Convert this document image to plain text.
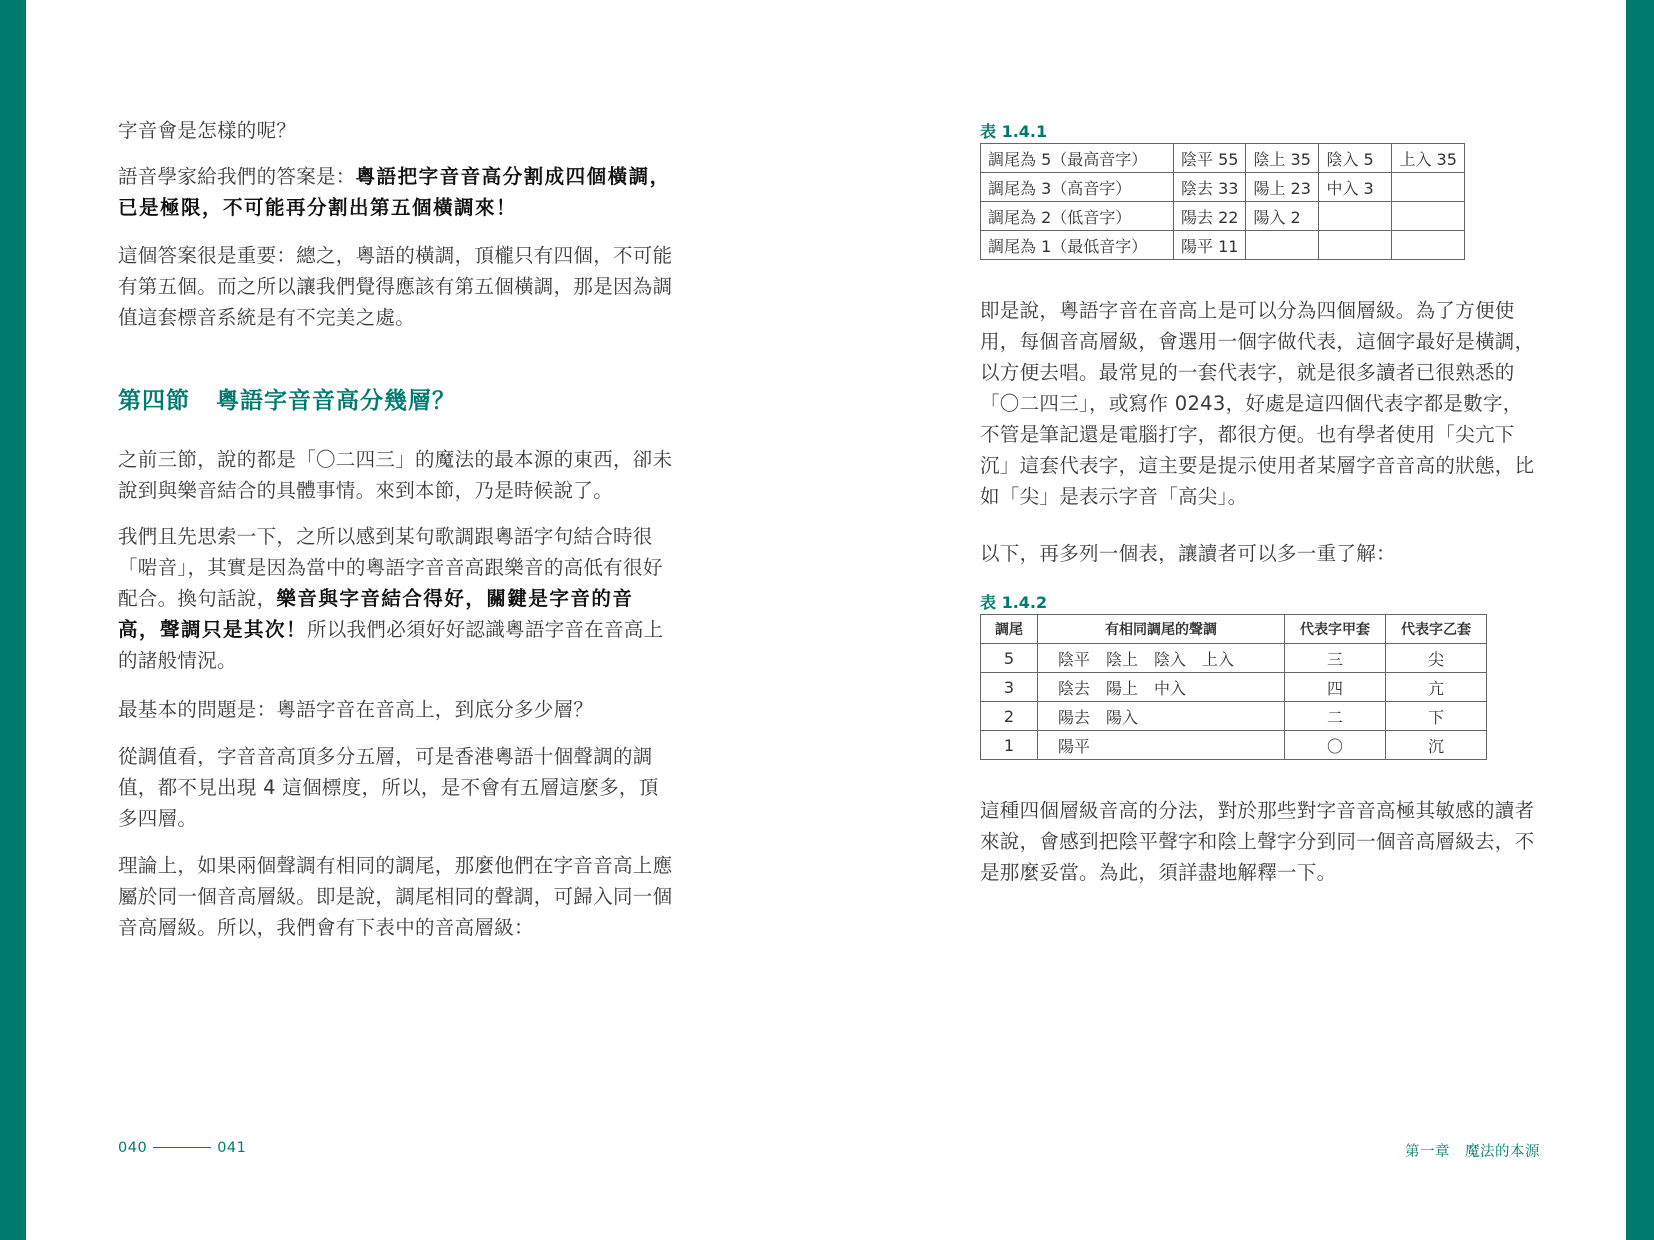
字音會是怎樣的呢？

語音學家給我們的答案是：粵語把字音音高分割成四個橫調，已是極限，不可能再分割出第五個橫調來！

這個答案很是重要：總之，粵語的橫調，頂櫳只有四個，不可能有第五個。而之所以讓我們覺得應該有第五個橫調，那是因為調值這套標音系統是有不完美之處。

第四節 粵語字音音高分幾層？

之前三節，說的都是「〇二四三」的魔法的最本源的東西，卻未說到與樂音結合的具體事情。來到本節，乃是時候說了。

我們且先思索一下，之所以感到某句歌調跟粵語字句結合時很「啱音」，其實是因為當中的粵語字音音高跟樂音的高低有很好配合。換句話說，樂音與字音結合得好，關鍵是字音的音高，聲調只是其次！所以我們必須好好認識粵語字音在音高上的諸般情況。

最基本的問題是：粵語字音在音高上，到底分多少層？

從調值看，字音音高頂多分五層，可是香港粵語十個聲調的調值，都不見出現 4 這個標度，所以，是不會有五層這麼多，頂多四層。

理論上，如果兩個聲調有相同的調尾，那麼他們在字音音高上應屬於同一個音高層級。即是說，調尾相同的聲調，可歸入同一個音高層級。所以，我們會有下表中的音高層級：

表 1.4.1
調尾為 5（最高音字）	陰平 55	陰上 35	陰入 5	上入 35
調尾為 3（高音字）	陰去 33	陽上 23	中入 3	
調尾為 2（低音字）	陽去 22	陽入 2		
調尾為 1（最低音字）	陽平 11			

即是說，粵語字音在音高上是可以分為四個層級。為了方便使用，每個音高層級，會選用一個字做代表，這個字最好是橫調，以方便去唱。最常見的一套代表字，就是很多讀者已很熟悉的「〇二四三」，或寫作 0243，好處是這四個代表字都是數字，不管是筆記還是電腦打字，都很方便。也有學者使用「尖亢下沉」這套代表字，這主要是提示使用者某層字音音高的狀態，比如「尖」是表示字音「高尖」。

以下，再多列一個表，讓讀者可以多一重了解：

表 1.4.2
調尾	有相同調尾的聲調	代表字甲套	代表字乙套
5	陰平　陰上　陰入　上入	三	尖
3	陰去　陽上　中入	四	亢
2	陽去　陽入	二	下
1	陽平	〇	沉

這種四個層級音高的分法，對於那些對字音音高極其敏感的讀者來說，會感到把陰平聲字和陰上聲字分到同一個音高層級去，不是那麼妥當。為此，須詳盡地解釋一下。

040	041	第一章　魔法的本源
